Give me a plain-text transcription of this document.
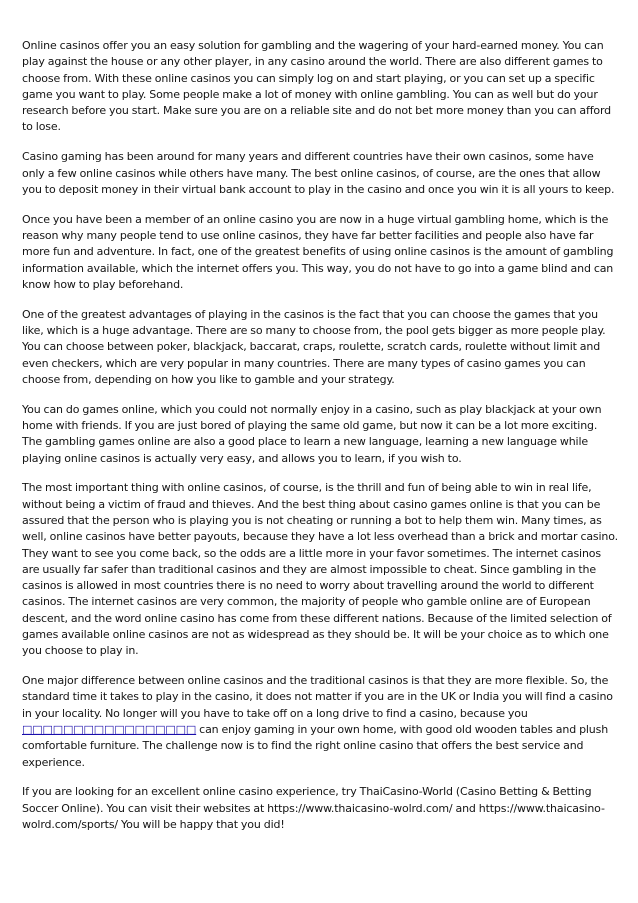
Online casinos offer you an easy solution for gambling and the wagering of your hard-earned money. You can play against the house or any other player, in any casino around the world. There are also different games to choose from. With these online casinos you can simply log on and start playing, or you can set up a specific game you want to play. Some people make a lot of money with online gambling. You can as well but do your research before you start. Make sure you are on a reliable site and do not bet more money than you can afford to lose.

Casino gaming has been around for many years and different countries have their own casinos, some have only a few online casinos while others have many. The best online casinos, of course, are the ones that allow you to deposit money in their virtual bank account to play in the casino and once you win it is all yours to keep.

Once you have been a member of an online casino you are now in a huge virtual gambling home, which is the reason why many people tend to use online casinos, they have far better facilities and people also have far more fun and adventure. In fact, one of the greatest benefits of using online casinos is the amount of gambling information available, which the internet offers you. This way, you do not have to go into a game blind and can know how to play beforehand.

One of the greatest advantages of playing in the casinos is the fact that you can choose the games that you like, which is a huge advantage. There are so many to choose from, the pool gets bigger as more people play. You can choose between poker, blackjack, baccarat, craps, roulette, scratch cards, roulette without limit and even checkers, which are very popular in many countries. There are many types of casino games you can choose from, depending on how you like to gamble and your strategy.

You can do games online, which you could not normally enjoy in a casino, such as play blackjack at your own home with friends. If you are just bored of playing the same old game, but now it can be a lot more exciting. The gambling games online are also a good place to learn a new language, learning a new language while playing online casinos is actually very easy, and allows you to learn, if you wish to.

The most important thing with online casinos, of course, is the thrill and fun of being able to win in real life, without being a victim of fraud and thieves. And the best thing about casino games online is that you can be assured that the person who is playing you is not cheating or running a bot to help them win. Many times, as well, online casinos have better payouts, because they have a lot less overhead than a brick and mortar casino. They want to see you come back, so the odds are a little more in your favor sometimes. The internet casinos are usually far safer than traditional casinos and they are almost impossible to cheat. Since gambling in the casinos is allowed in most countries there is no need to worry about travelling around the world to different casinos. The internet casinos are very common, the majority of people who gamble online are of European descent, and the word online casino has come from these different nations. Because of the limited selection of games available online casinos are not as widespread as they should be. It will be your choice as to which one you choose to play in.

One major difference between online casinos and the traditional casinos is that they are more flexible. So, the standard time it takes to play in the casino, it does not matter if you are in the UK or India you will find a casino in your locality. No longer will you have to take off on a long drive to find a casino, because you □□□□□□□□□□□□□□□□□ can enjoy gaming in your own home, with good old wooden tables and plush comfortable furniture. The challenge now is to find the right online casino that offers the best service and experience.

If you are looking for an excellent online casino experience, try ThaiCasino-World (Casino Betting & Betting Soccer Online). You can visit their websites at https://www.thaicasino-wolrd.com/ and https://www.thaicasino-wolrd.com/sports/ You will be happy that you did!
